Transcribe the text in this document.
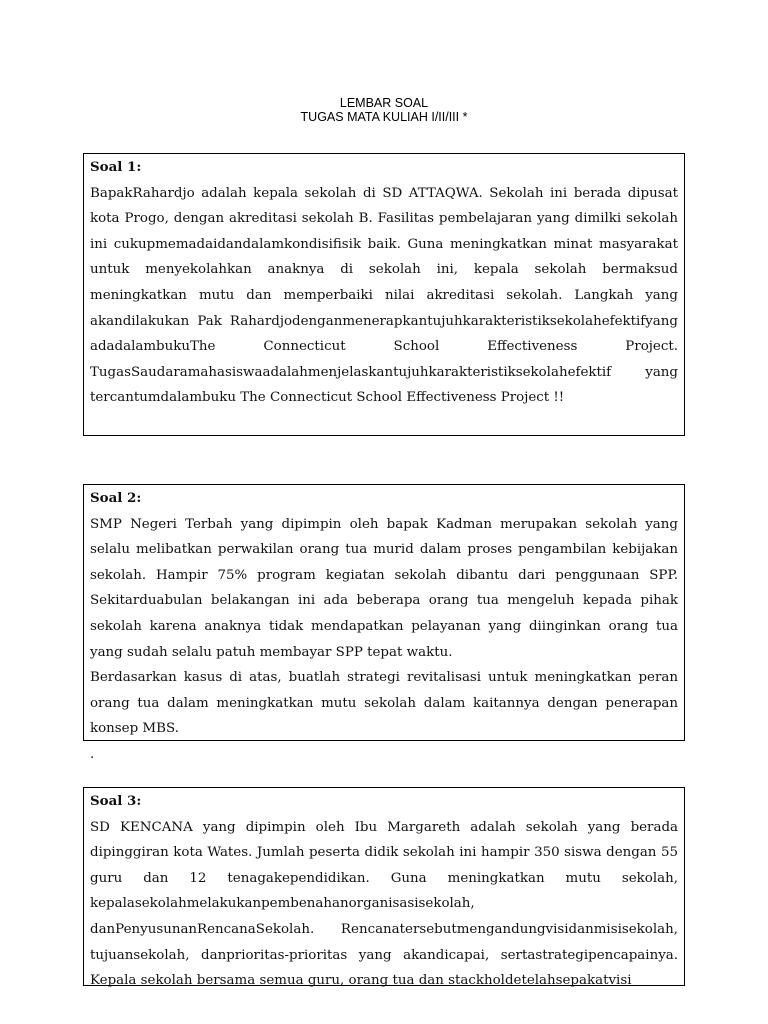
LEMBAR SOAL
TUGAS MATA KULIAH I/II/III *
Soal 1:
BapakRahardjo adalah kepala sekolah di SD ATTAQWA. Sekolah ini berada dipusat kota Progo, dengan akreditasi sekolah B. Fasilitas pembelajaran yang dimilki sekolah ini cukupmemadaidandalamkondisifisik baik. Guna meningkatkan minat masyarakat untuk menyekolahkan anaknya di sekolah ini, kepala sekolah bermaksud meningkatkan mutu dan memperbaiki nilai akreditasi sekolah. Langkah yang akandilakukan Pak Rahardjodenganmenerapkantujuhkarakteristiksekolahefektifyang adadalambukuThe Connecticut School Effectiveness Project. TugasSaudaramahasiswaadalahmenjelaskantujuhkarakteristiksekolahefektif yang tercantumdalambuku The Connecticut School Effectiveness Project !!
Soal 2:
SMP Negeri Terbah yang dipimpin oleh bapak Kadman merupakan sekolah yang selalu melibatkan perwakilan orang tua murid dalam proses pengambilan kebijakan sekolah. Hampir 75% program kegiatan sekolah dibantu dari penggunaan SPP. Sekitarduabulan belakangan ini ada beberapa orang tua mengeluh kepada pihak sekolah karena anaknya tidak mendapatkan pelayanan yang diinginkan orang tua yang sudah selalu patuh membayar SPP tepat waktu.
Berdasarkan kasus di atas, buatlah strategi revitalisasi untuk meningkatkan peran orang tua dalam meningkatkan mutu sekolah dalam kaitannya dengan penerapan konsep MBS.
.
Soal 3:
SD KENCANA yang dipimpin oleh Ibu Margareth adalah sekolah yang berada dipinggiran kota Wates. Jumlah peserta didik sekolah ini hampir 350 siswa dengan 55 guru dan 12 tenagakependidikan. Guna meningkatkan mutu sekolah, kepalasekolahmelakukanpembenahanorganisasisekolah, danPenyusunanRencanaSekolah. Rencanatersebutmengandungvisidanmisisekolah, tujuansekolah, danprioritas-prioritas yang akandicapai, sertastrategipencapainya. Kepala sekolah bersama semua guru, orang tua dan stackholdetelahsepakatvisi
